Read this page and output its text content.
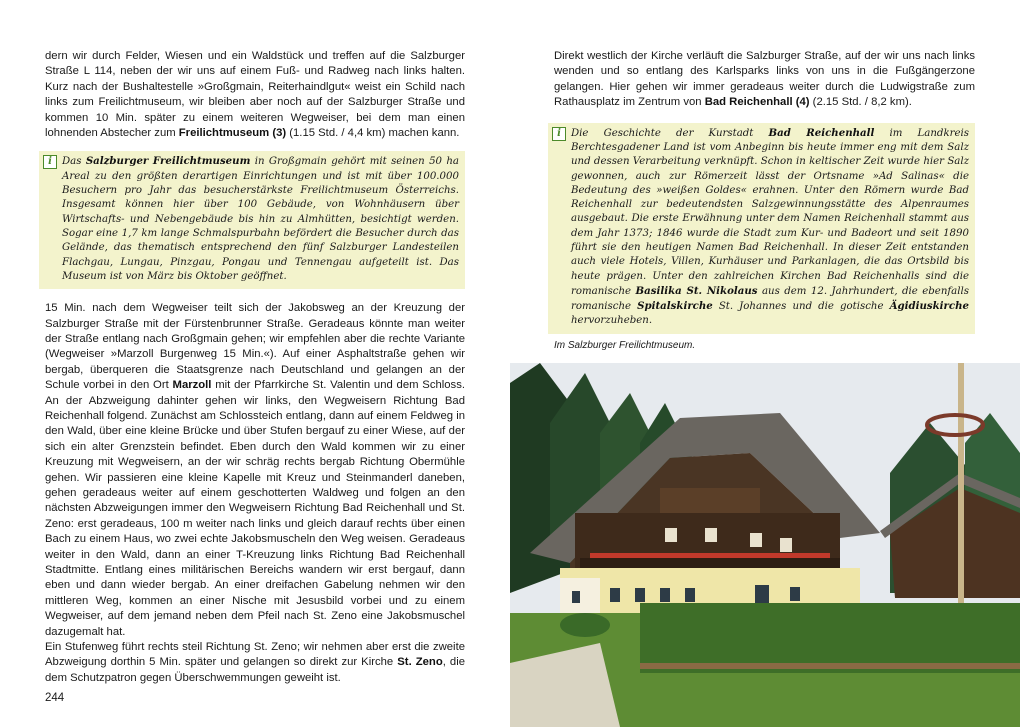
dern wir durch Felder, Wiesen und ein Waldstück und treffen auf die Salzburger Straße L 114, neben der wir uns auf einem Fuß- und Radweg nach links halten. Kurz nach der Bushaltestelle »Großgmain, Reiterhaindlgut« weist ein Schild nach links zum Freilichtmuseum, wir bleiben aber noch auf der Salzburger Straße und kommen 10 Min. später zu einem weiteren Wegweiser, bei dem man einen lohnenden Abstecher zum Freilichtmuseum (3) (1.15 Std. / 4,4 km) machen kann.

i Das Salzburger Freilichtmuseum in Großgmain gehört mit seinen 50 ha Areal zu den größten derartigen Einrichtungen und ist mit über 100.000 Besuchern pro Jahr das besucherstärkste Freilichtmuseum Österreichs. Insgesamt können hier über 100 Gebäude, von Wohnhäusern über Wirtschafts- und Nebengebäude bis hin zu Almhütten, besichtigt werden. Sogar eine 1,7 km lange Schmalspurbahn befördert die Besucher durch das Gelände, das thematisch entsprechend den fünf Salzburger Landesteilen Flachgau, Lungau, Pinzgau, Pongau und Tennengau aufgeteilt ist. Das Museum ist von März bis Oktober geöffnet.

15 Min. nach dem Wegweiser teilt sich der Jakobsweg an der Kreuzung der Salzburger Straße mit der Fürstenbrunner Straße. Geradeaus könnte man weiter der Straße entlang nach Großgmain gehen; wir empfehlen aber die rechte Variante (Wegweiser »Marzoll Burgenweg 15 Min.«). Auf einer Asphaltstraße gehen wir bergab, überqueren die Staatsgrenze nach Deutschland und gelangen an der Schule vorbei in den Ort Marzoll mit der Pfarrkirche St. Valentin und dem Schloss. An der Abzweigung dahinter gehen wir links, den Wegweisern Richtung Bad Reichenhall folgend. Zunächst am Schlossteich entlang, dann auf einem Feldweg in den Wald, über eine kleine Brücke und über Stufen bergauf zu einer Wiese, auf der sich ein alter Grenzstein befindet. Eben durch den Wald kommen wir zu einer Kreuzung mit Wegweisern, an der wir schräg rechts bergab Richtung Obermühle gehen. Wir passieren eine kleine Kapelle mit Kreuz und Steinmanderl daneben, gehen geradeaus weiter auf einem geschotterten Waldweg und folgen an den nächsten Abzweigungen immer den Wegweisern Richtung Bad Reichenhall und St. Zeno: erst geradeaus, 100 m weiter nach links und gleich darauf rechts über einen Bach zu einem Haus, wo zwei echte Jakobsmuscheln den Weg weisen. Geradeaus weiter in den Wald, dann an einer T-Kreuzung links Richtung Bad Reichenhall Stadtmitte. Entlang eines militärischen Bereichs wandern wir erst bergauf, dann eben und dann wieder bergab. An einer dreifachen Gabelung nehmen wir den mittleren Weg, kommen an einer Nische mit Jesusbild vorbei und zu einem Wegweiser, auf dem jemand neben dem Pfeil nach St. Zeno eine Jakobsmuschel dazugemalt hat.

Ein Stufenweg führt rechts steil Richtung St. Zeno; wir nehmen aber erst die zweite Abzweigung dorthin 5 Min. später und gelangen so direkt zur Kirche St. Zeno, die dem Schutzpatron gegen Überschwemmungen geweiht ist.

244

Direkt westlich der Kirche verläuft die Salzburger Straße, auf der wir uns nach links wenden und so entlang des Karlsparks links von uns in die Fußgängerzone gelangen. Hier gehen wir immer geradeaus weiter durch die Ludwigstraße zum Rathausplatz im Zentrum von Bad Reichenhall (4) (2.15 Std. / 8,2 km).

i Die Geschichte der Kurstadt Bad Reichenhall im Landkreis Berchtesgadener Land ist vom Anbeginn bis heute immer eng mit dem Salz und dessen Verarbeitung verknüpft. Schon in keltischer Zeit wurde hier Salz gewonnen, auch zur Römerzeit lässt der Ortsname »Ad Salinas« die Bedeutung des »weißen Goldes« erahnen. Unter den Römern wurde Bad Reichenhall zur bedeutendsten Salzgewinnungsstätte des Alpenraumes ausgebaut. Die erste Erwähnung unter dem Namen Reichenhall stammt aus dem Jahr 1373; 1846 wurde die Stadt zum Kur- und Badeort und seit 1890 führt sie den heutigen Namen Bad Reichenhall. In dieser Zeit entstanden auch viele Hotels, Villen, Kurhäuser und Parkanlagen, die das Ortsbild bis heute prägen. Unter den zahlreichen Kirchen Bad Reichenhalls sind die romanische Basilika St. Nikolaus aus dem 12. Jahrhundert, die ebenfalls romanische Spitalskirche St. Johannes und die gotische Ägidiuskirche hervorzuheben.
Im Salzburger Freilichtmuseum.
